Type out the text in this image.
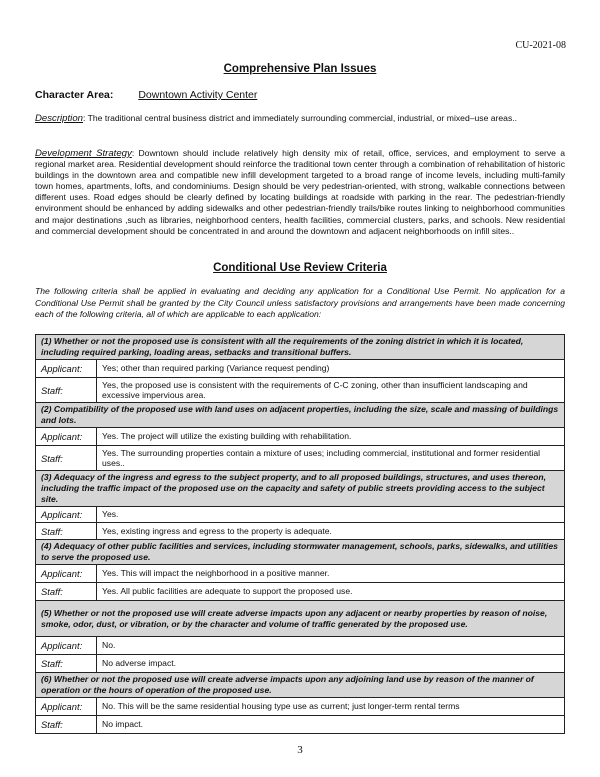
CU-2021-08
Comprehensive Plan Issues
Character Area: Downtown Activity Center
Description: The traditional central business district and immediately surrounding commercial, industrial, or mixed–use areas..
Development Strategy: Downtown should include relatively high density mix of retail, office, services, and employment to serve a regional market area. Residential development should reinforce the traditional town center through a combination of rehabilitation of historic buildings in the downtown area and compatible new infill development targeted to a broad range of income levels, including multi-family town homes, apartments, lofts, and condominiums. Design should be very pedestrian-oriented, with strong, walkable connections between different uses. Road edges should be clearly defined by locating buildings at roadside with parking in the rear. The pedestrian-friendly environment should be enhanced by adding sidewalks and other pedestrian-friendly trails/bike routes linking to neighborhood communities and major destinations ,such as libraries, neighborhood centers, health facilities, commercial clusters, parks, and schools. New residential and commercial development should be concentrated in and around the downtown and adjacent neighborhoods on infill sites..
Conditional Use Review Criteria
The following criteria shall be applied in evaluating and deciding any application for a Conditional Use Permit. No application for a Conditional Use Permit shall be granted by the City Council unless satisfactory provisions and arrangements have been made concerning each of the following criteria, all of which are applicable to each application:
(1) Whether or not the proposed use is consistent with all the requirements of the zoning district in which it is located, including required parking, loading areas, setbacks and transitional buffers.	
Applicant:	Yes; other than required parking (Variance request pending)
Staff:	Yes, the proposed use is consistent with the requirements of C-C zoning, other than insufficient landscaping and excessive impervious area.
(2) Compatibility of the proposed use with land uses on adjacent properties, including the size, scale and massing of buildings and lots.	
Applicant:	Yes. The project will utilize the existing building with rehabilitation.
Staff:	Yes. The surrounding properties contain a mixture of uses; including commercial, institutional and former residential uses..
(3) Adequacy of the ingress and egress to the subject property, and to all proposed buildings, structures, and uses thereon, including the traffic impact of the proposed use on the capacity and safety of public streets providing access to the subject site.	
Applicant:	Yes.
Staff:	Yes, existing ingress and egress to the property is adequate.
(4) Adequacy of other public facilities and services, including stormwater management, schools, parks, sidewalks, and utilities to serve the proposed use.	
Applicant:	Yes. This will impact the neighborhood in a positive manner.
Staff:	Yes. All public facilities are adequate to support the proposed use.
(5) Whether or not the proposed use will create adverse impacts upon any adjacent or nearby properties by reason of noise, smoke, odor, dust, or vibration, or by the character and volume of traffic generated by the proposed use.	
Applicant:	No.
Staff:	No adverse impact.
(6) Whether or not the proposed use will create adverse impacts upon any adjoining land use by reason of the manner of operation or the hours of operation of the proposed use.	
Applicant:	No. This will be the same residential housing type use as current; just longer-term rental terms
Staff:	No impact.
3
